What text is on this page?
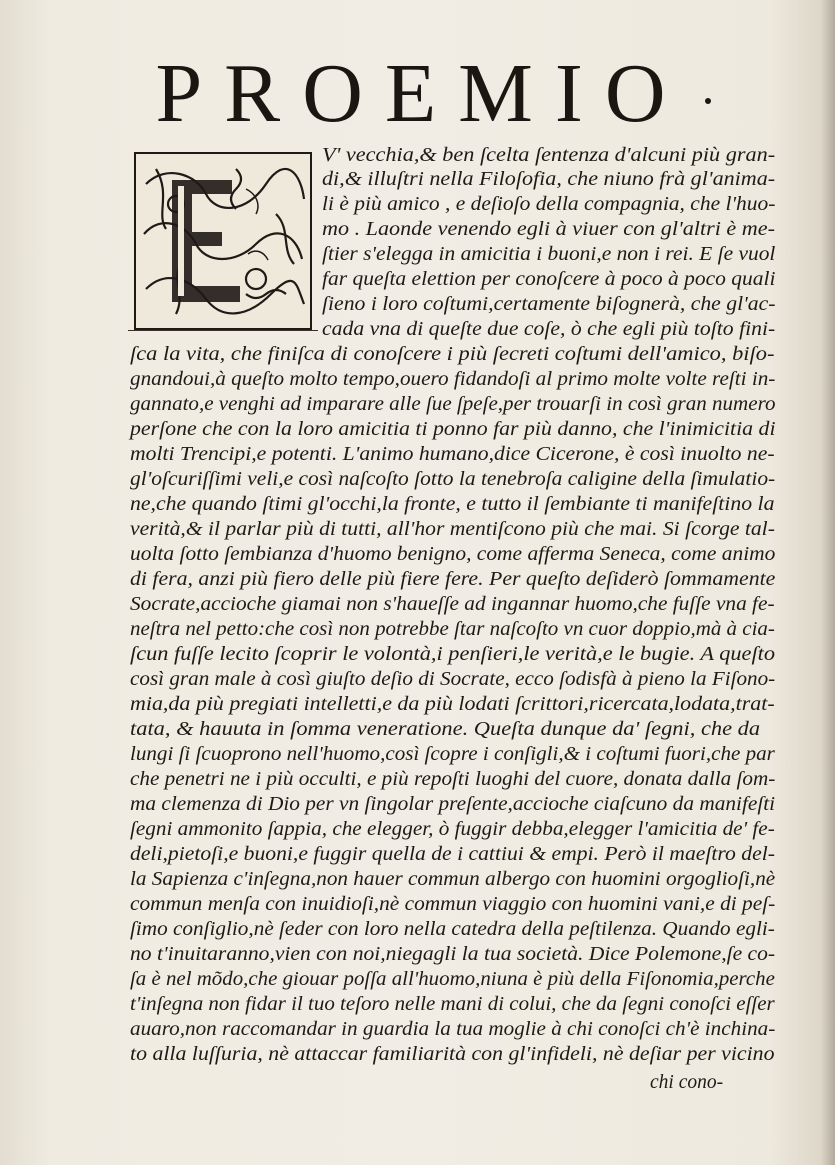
PROEMIO
V' vecchia,& ben ſcelta ſentenza d'alcuni più gran-
di,& illuſtri nella Filoſofia, che niuno frà gl'anima-
li è più amico , e deſioſo della compagnia, che l'huo-
mo . Laonde venendo egli à viuer con gl'altri è me-
ſtier s'elegga in amicitia i buoni,e non i rei. E ſe vuol
far queſta elettion per conoſcere à poco à poco quali
ſieno i loro coſtumi,certamente biſognerà, che gl'ac-
cada vna di queſte due coſe, ò che egli più toſto fini-
ſca la vita, che finiſca di conoſcere i più ſecreti coſtumi dell'amico, biſo-
gnandoui,à queſto molto tempo,ouero fidandoſi al primo molte volte reſti in-
gannato,e venghi ad imparare alle ſue ſpeſe,per trouarſi in così gran numero
perſone che con la loro amicitia ti ponno far più danno, che l'inimicitia di
molti Trencipi,e potenti. L'animo humano,dice Cicerone, è così inuolto ne-
gl'oſcuriſſimi veli,e così naſcoſto ſotto la tenebroſa caligine della ſimulatio-
ne,che quando ſtimi gl'occhi,la fronte, e tutto il ſembiante ti manifeſtino la
verità,& il parlar più di tutti, all'hor mentiſcono più che mai. Si ſcorge tal-
uolta ſotto ſembianza d'huomo benigno, come afferma Seneca, come animo
di fera, anzi più fiero delle più fiere fere. Per queſto deſiderò ſommamente
Socrate,accioche giamai non s'haueſſe ad ingannar huomo,che fuſſe vna fe-
neſtra nel petto:che così non potrebbe ſtar naſcoſto vn cuor doppio,mà à cia-
ſcun fuſſe lecito ſcoprir le volontà,i penſieri,le verità,e le bugie. A queſto
così gran male à così giuſto deſio di Socrate, ecco ſodisfà à pieno la Fiſono-
mia,da più pregiati intelletti,e da più lodati ſcrittori,ricercata,lodata,trat-
tata, & hauuta in ſomma veneratione. Queſta dunque da' ſegni, che da
lungi ſi ſcuoprono nell'huomo,così ſcopre i conſigli,& i coſtumi fuori,che par
che penetri ne i più occulti, e più repoſti luoghi del cuore, donata dalla ſom-
ma clemenza di Dio per vn ſingolar preſente,accioche ciaſcuno da manifeſti
ſegni ammonito ſappia, che elegger, ò fuggir debba,elegger l'amicitia de' fe-
deli,pietoſi,e buoni,e fuggir quella de i cattiui & empi. Però il maeſtro del-
la Sapienza c'inſegna,non hauer commun albergo con huomini orgoglioſi,nè
commun menſa con inuidioſi,nè commun viaggio con huomini vani,e di peſ-
ſimo conſiglio,nè ſeder con loro nella catedra della peſtilenza. Quando egli-
no t'inuitaranno,vien con noi,niegagli la tua società. Dice Polemone,ſe co-
ſa è nel mõdo,che giouar poſſa all'huomo,niuna è più della Fiſonomia,perche
t'inſegna non fidar il tuo teſoro nelle mani di colui, che da ſegni conoſci eſſer
auaro,non raccomandar in guardia la tua moglie à chi conoſci ch'è inchina-
to alla luſſuria, nè attaccar familiarità con gl'infideli, nè deſiar per vicino
chi cono-
